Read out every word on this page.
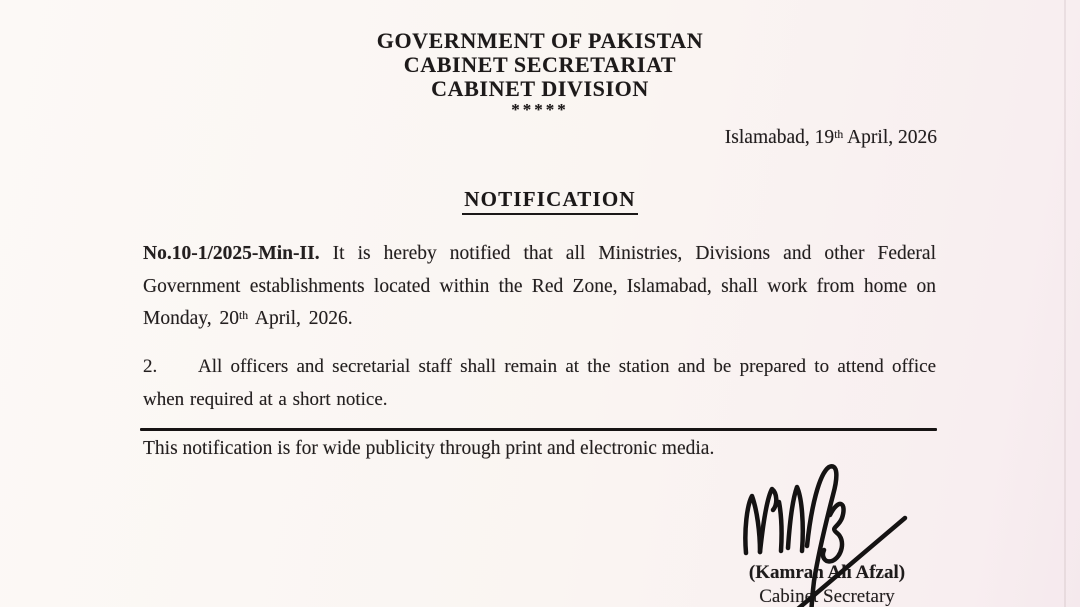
GOVERNMENT OF PAKISTAN
CABINET SECRETARIAT
CABINET DIVISION
*****
Islamabad, 19th April, 2026
NOTIFICATION
No.10-1/2025-Min-II. It is hereby notified that all Ministries, Divisions and other Federal Government establishments located within the Red Zone, Islamabad, shall work from home on Monday, 20th April, 2026.
2. All officers and secretarial staff shall remain at the station and be prepared to attend office when required at a short notice.
This notification is for wide publicity through print and electronic media.
(Kamran Ali Afzal)
Cabinet Secretary
